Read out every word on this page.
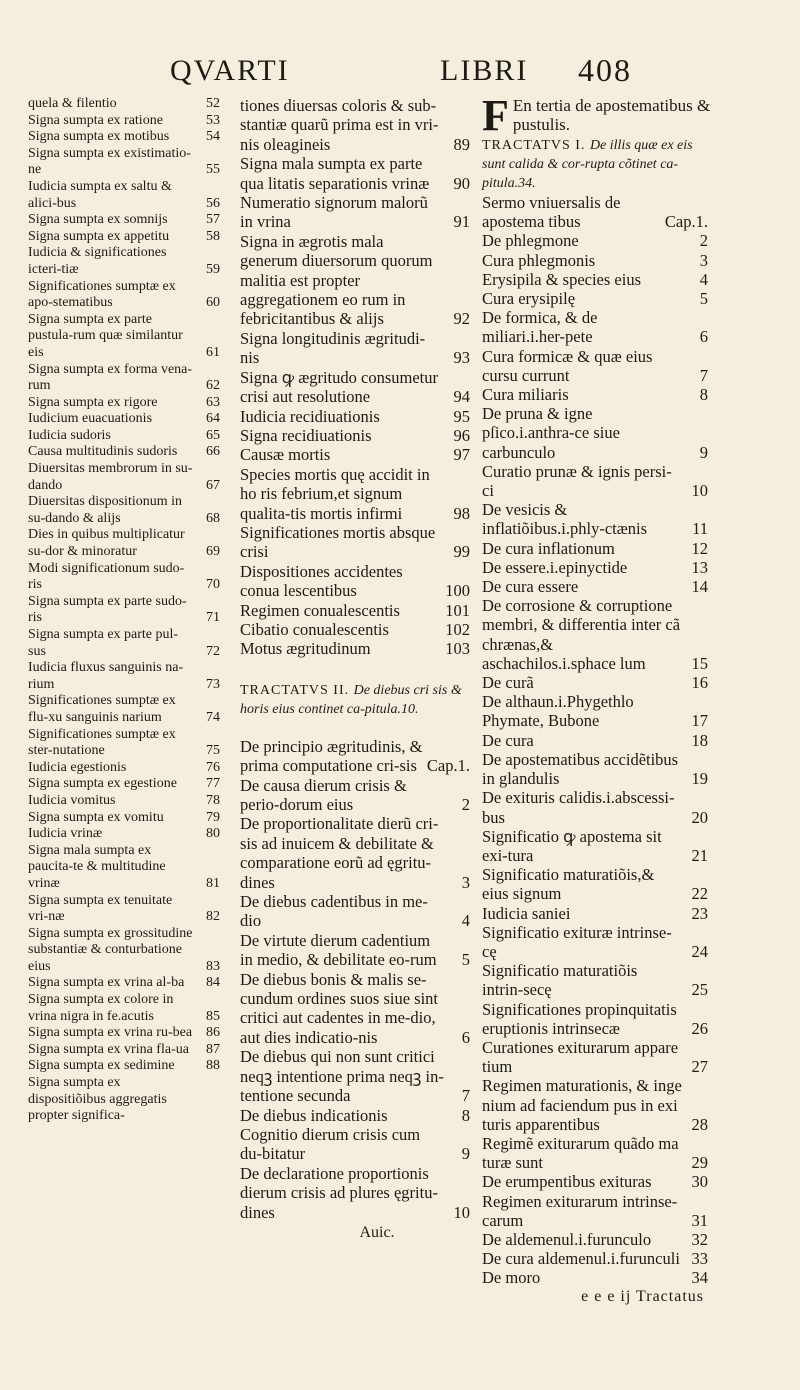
QVARTI	LIBRI 408
quela & filentio	52
Signa sumpta ex ratione	53
Signa sumpta ex motibus	54
Signa sumpta ex existimatio-ne	55
Iudicia sumpta ex saltu & alici-bus	56
Signa sumpta ex somnijs	57
Signa sumpta ex appetitu	58
Iudicia & significationes icteri-tiæ	59
Significationes sumptæ ex apo-stematibus	60
Signa sumpta ex parte pustula-rum quæ similantur eis	61
Signa sumpta ex forma vena-rum	62
Signa sumpta ex rigore	63
Iudicium euacuationis	64
Iudicia sudoris	65
Causa multitudinis sudoris	66
Diuersitas membrorum in su-dando	67
Diuersitas dispositionum in su-dando & alijs	68
Dies in quibus multiplicatur su-dor & minoratur	69
Modi significationum sudo-ris	70
Signa sumpta ex parte sudo-ris	71
Signa sumpta ex parte pul-sus	72
Iudicia fluxus sanguinis na-rium	73
Significationes sumptæ ex flu-xu sanguinis narium	74
Significationes sumptæ ex ster-nutatione	75
Iudicia egestionis	76
Signa sumpta ex egestione	77
Iudicia vomitus	78
Signa sumpta ex vomitu	79
Iudicia vrinæ	80
Signa mala sumpta ex paucita-te & multitudine vrinæ	81
Signa sumpta ex tenuitate vri-næ	82
Signa sumpta ex grossitudine substantiæ & conturbatione eius	83
Signa sumpta ex vrina al-ba	84
Signa sumpta ex colore in vrina nigra in fe.acutis	85
Signa sumpta ex vrina ru-bea 86
Signa sumpta ex vrina fla-ua	87
Signa sumpta ex sedimine	88
Signa sumpta ex dispositiõibus aggregatis propter significa-
tiones diuersas coloris & sub-stantiæ quarũ prima est in vri-nis oleagineis	89
Signa mala sumpta ex parte qua litatis separationis vrinæ	90
Numeratio signorum malorũ in vrina	91
Signa in ægrotis mala generum diuersorum quorum malitia est propter aggregationem eo rum in febricitantibus & alijs	92
Signa longitudinis ægritudi-nis	93
Signa ꝙ ægritudo consumetur crisi aut resolutione	94
Iudicia recidiuationis	95
Signa recidiuationis	96
Causæ mortis	97
Species mortis quę accidit in ho ris febrium,et signum qualita-tis mortis infirmi	98
Significationes mortis absque crisi	99
Dispositiones accidentes conua lescentibus	100
Regimen conualescentis	101
Cibatio conualescentis	102
Motus ægritudinum	103
TRACTATVS II. De diebus cri sis & horis eius continet ca-pitula.10.
De principio ægritudinis, & prima computatione cri-sis Cap.1.
De causa dierum crisis & perio-dorum eius	2
De proportionalitate dierũ cri-sis ad inuicem & debilitate & comparatione eorũ ad ęgritu-dines	3
De diebus cadentibus in me-dio	4
De virtute dierum cadentium in medio, & debilitate eo-rum	5
De diebus bonis & malis se-cundum ordines suos siue sint critici aut cadentes in me-dio, aut dies indicatio-nis	6
De diebus qui non sunt critici neqꝫ intentione prima neqꝫ in-tentione secunda	7
De diebus indicationis	8
Cognitio dierum crisis cum du-bitatur	9
De declaratione proportionis dierum crisis ad plures ęgritu-dines	10
Auic.
F En tertia de apostematibus & pustulis.
TRACTATVS I. De illis quæ ex eis sunt calida & cor-rupta cõtinet ca-pitula.34.
Sermo vniuersalis de apostema tibus	Cap.1.
De phlegmone	2
Cura phlegmonis	3
Erysipila & species eius	4
Cura erysipilę	5
De formica, & de miliari.i.her-pete	6
Cura formicæ & quæ eius cursu currunt	7
Cura miliaris	8
De pruna & igne pſico.i.anthra-ce siue carbunculo	9
Curatio prunæ & ignis persi-ci	10
De vesicis & inflatiõibus.i.phly-ctænis	11
De cura inflationum	12
De essere.i.epinyctide	13
De cura essere	14
De corrosione & corruptione membri, & differentia inter cã chrænas,& aschachilos.i.sphace lum	15
De curã	16
De althaun.i.Phygethlo Phymate, Bubone	17
De cura	18
De apostematibus accidẽtibus in glandulis	19
De exituris calidis.i.abscessi-bus	20
Significatio ꝙ apostema sit exi-tura	21
Significatio maturatiõis,& eius signum	22
Iudicia saniei	23
Significatio exituræ intrinse-cę	24
Significatio maturatiõis intrin-secę	25
Significationes propinquitatis eruptionis intrinsecæ	26
Curationes exiturarum appare tium	27
Regimen maturationis, & inge nium ad faciendum pus in exi turis apparentibus	28
Regimẽ exiturarum quãdo ma turæ sunt	29
De erumpentibus exituras	30
Regimen exiturarum intrinse-carum	31
De aldemenul.i.furunculo	32
De cura aldemenul.i.furunculi 33
De moro	34
e e e ij Tractatus
